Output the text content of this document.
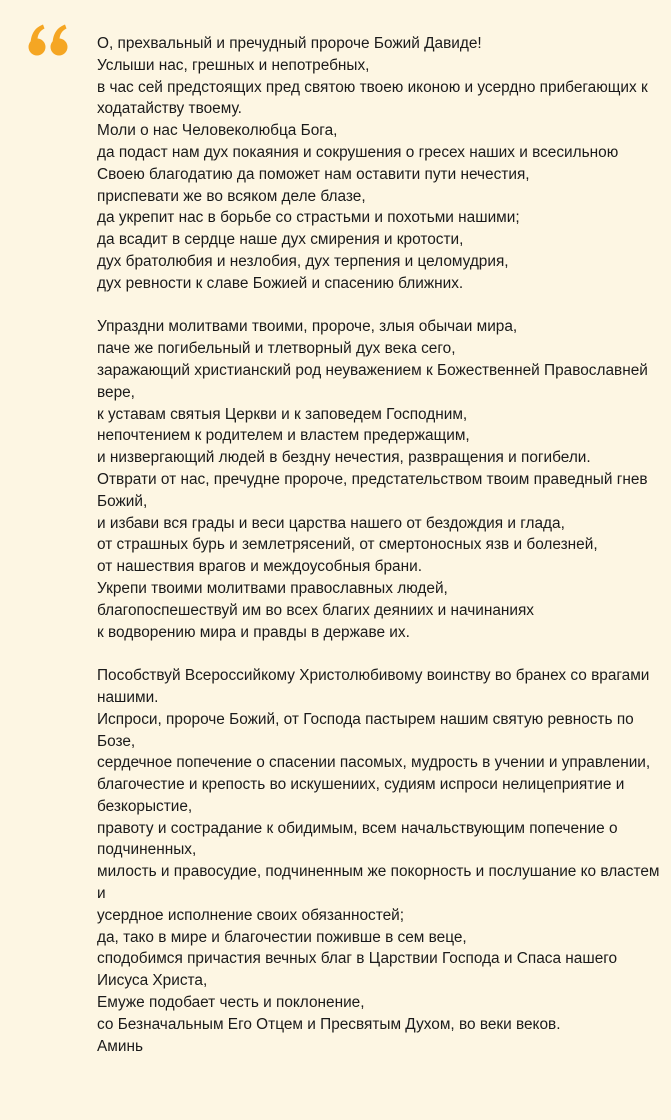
О, прехвальный и пречудный пророче Божий Давиде!
Услыши нас, грешных и непотребных,
в час сей предстоящих пред святою твоею иконою и усердно прибегающих к ходатайству твоему.
Моли о нас Человеколюбца Бога,
да подаст нам дух покаяния и сокрушения о гресех наших и всесильною Своею благодатию да поможет нам оставити пути нечестия,
приспевати же во всяком деле блазе,
да укрепит нас в борьбе со страстьми и похотьми нашими;
да всадит в сердце наше дух смирения и кротости,
дух братолюбия и незлобия, дух терпения и целомудрия,
дух ревности к славе Божией и спасению ближних.

Упраздни молитвами твоими, пророче, злыя обычаи мира,
паче же погибельный и тлетворный дух века сего,
заражающий христианский род неуважением к Божественней Православней вере,
к уставам святыя Церкви и к заповедем Господним,
непочтением к родителем и властем предержащим,
и низвергающий людей в бездну нечестия, развращения и погибели.
Отврати от нас, пречудне пророче, предстательством твоим праведный гнев Божий,
и избави вся грады и веси царства нашего от бездождия и глада,
от страшных бурь и землетрясений, от смертоносных язв и болезней,
от нашествия врагов и междоусобныя брани.
Укрепи твоими молитвами православных людей,
благопоспешествуй им во всех благих деяниих и начинаниях
к водворению мира и правды в державе их.

Пособствуй Всероссийкому Христолюбивому воинству во бранех со врагами нашими.
Испроси, пророче Божий, от Господа пастырем нашим святую ревность по Бозе,
сердечное попечение о спасении пасомых, мудрость в учении и управлении,
благочестие и крепость во искушениих, судиям испроси нелицеприятие и безкорыстие,
правоту и сострадание к обидимым, всем начальствующим попечение о подчиненных,
милость и правосудие, подчиненным же покорность и послушание ко властем и
усердное исполнение своих обязанностей;
да, тако в мире и благочестии поживше в сем веце,
сподобимся причастия вечных благ в Царствии Господа и Спаса нашего Иисуса Христа,
Емуже подобает честь и поклонение,
со Безначальным Его Отцем и Пресвятым Духом, во веки веков.
Аминь
